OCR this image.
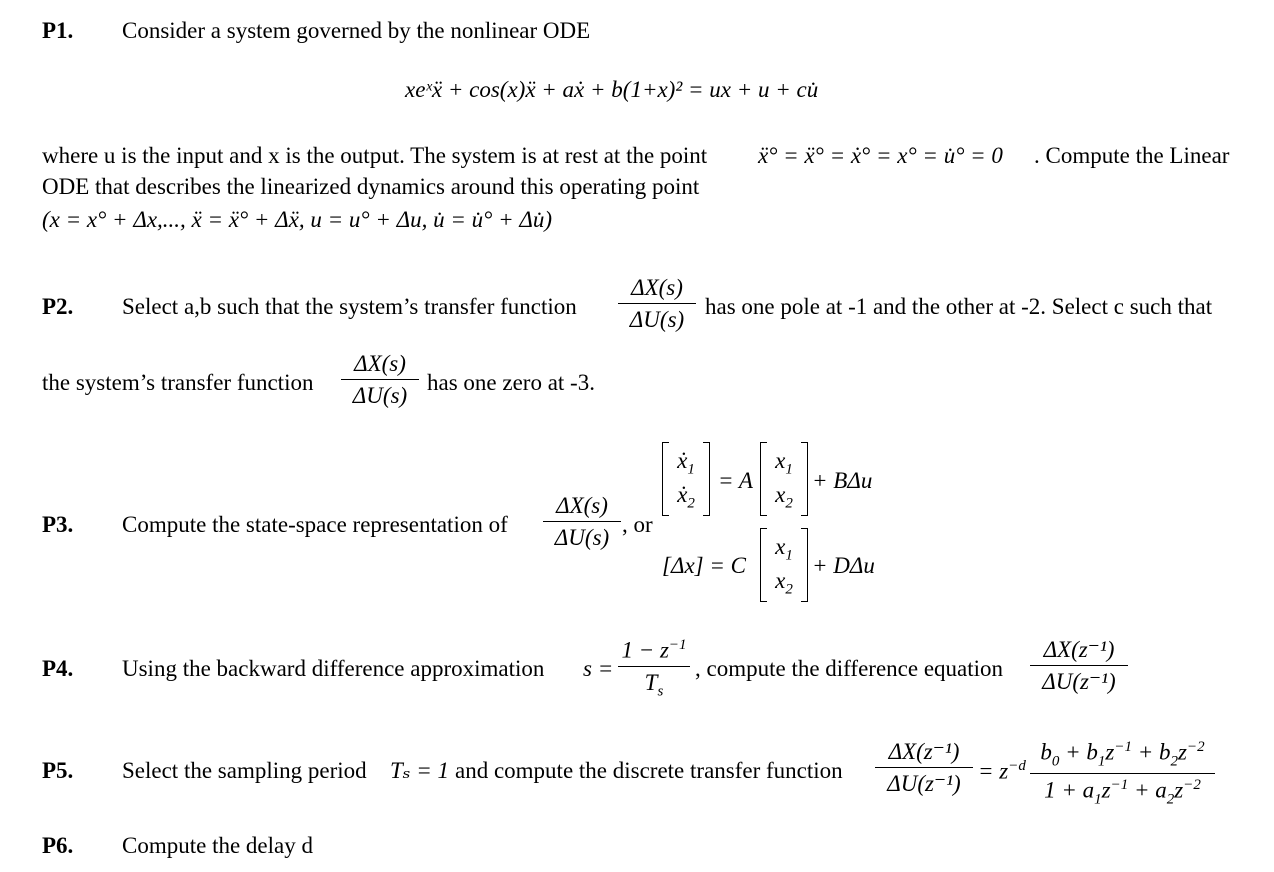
P1. Consider a system governed by the nonlinear ODE
xeˣẍ + cos(x)ẍ + aẋ + b(1+x)² = ux + u + cu̇
where u is the input and x is the output. The system is at rest at the point ẍ° = ẍ° = ẋ° = x° = u̇° = 0 . Compute the Linear
ODE that describes the linearized dynamics around this operating point
(x = x° + Δx,..., ẍ = ẍ° + Δẍ, u = u° + Δu, u̇ = u̇° + Δu̇)
P2. Select a,b such that the system’s transfer function
ΔX(s)
ΔU(s)
has one pole at -1 and the other at -2. Select c such that
the system’s transfer function
ΔX(s)
ΔU(s)
has one zero at -3.
P3. Compute the state-space representation of
ΔX(s)
ΔU(s)
, or
ẋ$_1$
ẋ$_2$
= A
$x_1$
$x_2$
+ BΔu
[Δx] = C
$x_1$
$x_2$
+ DΔu
P4. Using the backward difference approximation s =
$1 - z^{-1}$
$T_s$
, compute the difference equation
ΔX(z⁻¹)
ΔU(z⁻¹)
P5. Select the sampling period Tₛ = 1 and compute the discrete transfer function
ΔX(z⁻¹)
$\Delta U(z^{-1}) = z^{-d}$
$b_0 + b_1z^{-1} + b_2z^{-2}$
$1 + a_1z^{-1} + a_2z^{-2}$
P6. Compute the delay d
